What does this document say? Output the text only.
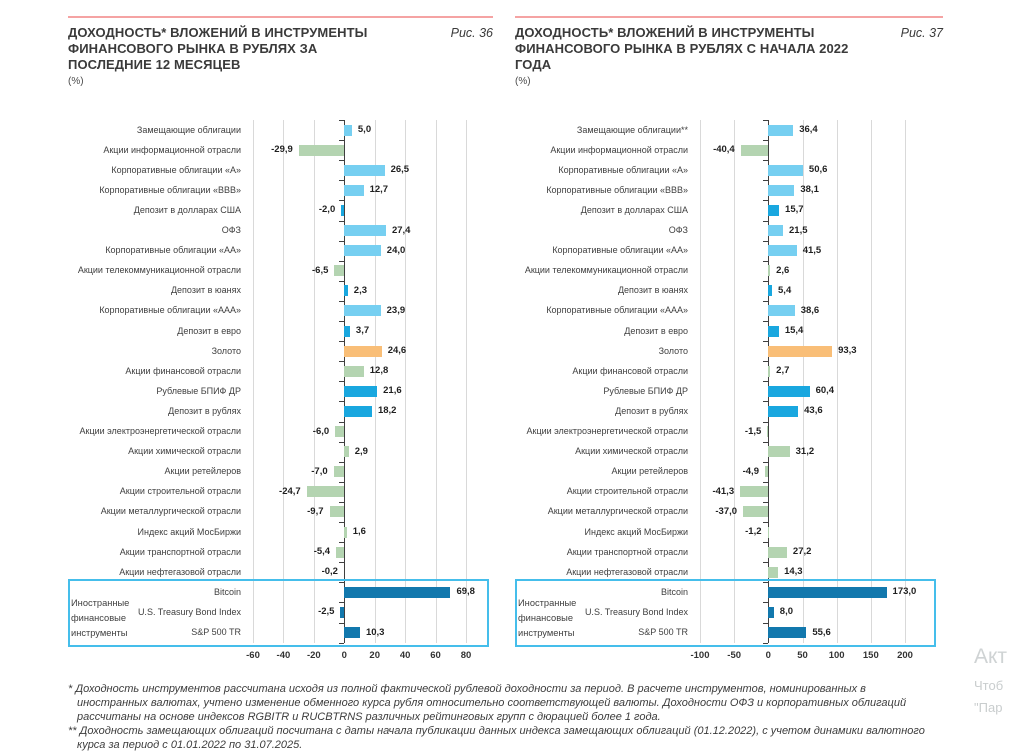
ДОХОДНОСТЬ* ВЛОЖЕНИЙ В ИНСТРУМЕНТЫ ФИНАНСОВОГО РЫНКА В РУБЛЯХ ЗА ПОСЛЕДНИЕ 12 МЕСЯЦЕВ
Рис. 36
(%)
-60	-40	-20	0	20	40	60	80
Иностранные
финансовые
инструменты
Замещающие облигации	5,0
Акции информационной отрасли	-29,9
Корпоративные облигации «А»	26,5
Корпоративные облигации «ВВВ»	12,7
Депозит в долларах США	-2,0
ОФЗ	27,4
Корпоративные облигации «АА»	24,0
Акции телекоммуникационной отрасли	-6,5
Депозит в юанях	2,3
Корпоративные облигации «ААА»	23,9
Депозит в евро	3,7
Золото	24,6
Акции финансовой отрасли	12,8
Рублевые БПИФ ДР	21,6
Депозит в рублях	18,2
Акции электроэнергетической отрасли	-6,0
Акции химической отрасли	2,9
Акции ретейлеров	-7,0
Акции строительной отрасли	-24,7
Акции металлургической отрасли	-9,7
Индекс акций МосБиржи	1,6
Акции транспортной отрасли	-5,4
Акции нефтегазовой отрасли	-0,2
Bitcoin	69,8
U.S. Treasury Bond Index	-2,5
S&P 500 TR	10,3
ДОХОДНОСТЬ* ВЛОЖЕНИЙ В ИНСТРУМЕНТЫ ФИНАНСОВОГО РЫНКА В РУБЛЯХ С НАЧАЛА 2022 ГОДА
Рис. 37
(%)
-100	-50	0	50	100	150	200
Иностранные
финансовые
инструменты
Замещающие облигации**	36,4
Акции информационной отрасли	-40,4
Корпоративные облигации «А»	50,6
Корпоративные облигации «ВВВ»	38,1
Депозит в долларах США	15,7
ОФЗ	21,5
Корпоративные облигации «АА»	41,5
Акции телекоммуникационной отрасли	2,6
Депозит в юанях	5,4
Корпоративные облигации «ААА»	38,6
Депозит в евро	15,4
Золото	93,3
Акции финансовой отрасли	2,7
Рублевые БПИФ ДР	60,4
Депозит в рублях	43,6
Акции электроэнергетической отрасли	-1,5
Акции химической отрасли	31,2
Акции ретейлеров	-4,9
Акции строительной отрасли	-41,3
Акции металлургической отрасли	-37,0
Индекс акций МосБиржи	-1,2
Акции транспортной отрасли	27,2
Акции нефтегазовой отрасли	14,3
Bitcoin	173,0
U.S. Treasury Bond Index	8,0
S&P 500 TR	55,6

* Доходность инструментов рассчитана исходя из полной фактической рублевой доходности за период. В расчете инструментов, номинированных в иностранных валютах, учтено изменение обменного курса рубля относительно соответствующей валюты. Доходности ОФЗ и корпоративных облигаций рассчитаны на основе индексов RGBITR и RUCBTRNS различных рейтинговых групп с дюрацией более 1 года.

** Доходность замещающих облигаций посчитана с даты начала публикации данных индекса замещающих облигаций (01.12.2022), с учетом динамики валютного курса за период с 01.01.2022 по 31.07.2025.

Акт
Чтоб
"Пар
